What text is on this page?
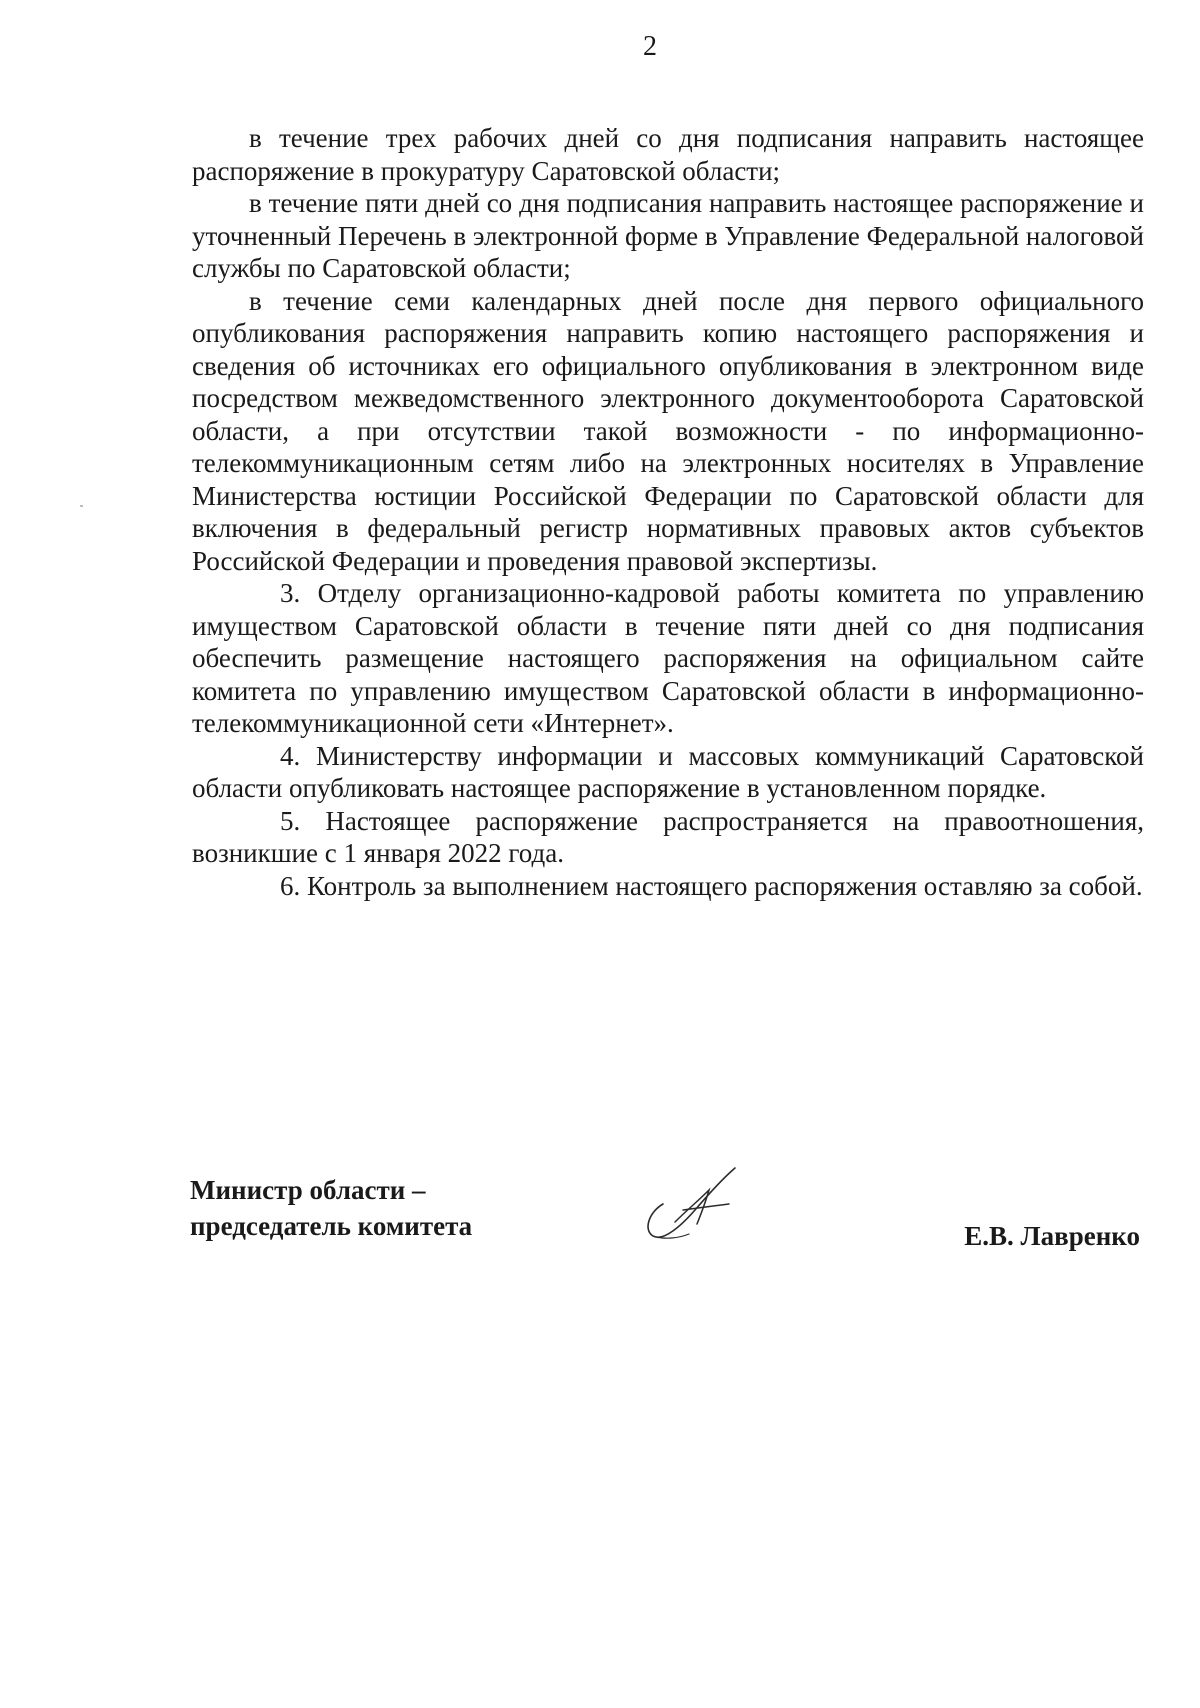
2

в течение трех рабочих дней со дня подписания направить настоящее распоряжение в прокуратуру Саратовской области;

в течение пяти дней со дня подписания направить настоящее распоряжение и уточненный Перечень в электронной форме в Управление Федеральной налоговой службы по Саратовской области;

в течение семи календарных дней после дня первого официального опубликования распоряжения направить копию настоящего распоряжения и сведения об источниках его официального опубликования в электронном виде посредством межведомственного электронного документооборота Саратовской области, а при отсутствии такой возможности - по информационно-телекоммуникационным сетям либо на электронных носителях в Управление Министерства юстиции Российской Федерации по Саратовской области для включения в федеральный регистр нормативных правовых актов субъектов Российской Федерации и проведения правовой экспертизы.

3. Отделу организационно-кадровой работы комитета по управлению имуществом Саратовской области в течение пяти дней со дня подписания обеспечить размещение настоящего распоряжения на официальном сайте комитета по управлению имуществом Саратовской области в информационно-телекоммуникационной сети «Интернет».

4. Министерству информации и массовых коммуникаций Саратовской области опубликовать настоящее распоряжение в установленном порядке.

5. Настоящее распоряжение распространяется на правоотношения, возникшие с 1 января 2022 года.

6. Контроль за выполнением настоящего распоряжения оставляю за собой.

Министр области –
председатель комитета	Е.В. Лавренко
